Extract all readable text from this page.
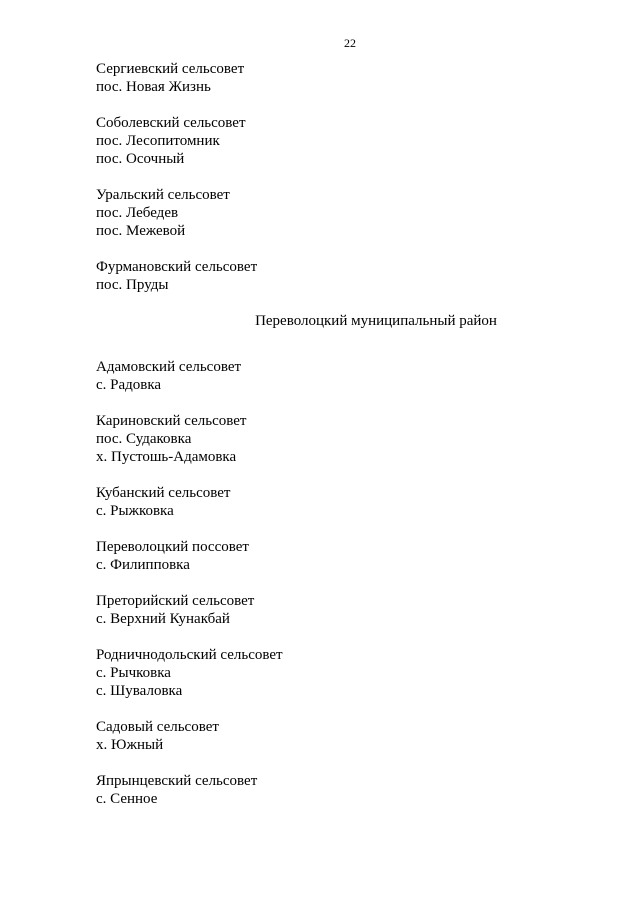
22
Сергиевский сельсовет
пос. Новая Жизнь
Соболевский сельсовет
пос. Лесопитомник
пос. Осочный
Уральский сельсовет
пос. Лебедев
пос. Межевой
Фурмановский сельсовет
пос. Пруды
Переволоцкий муниципальный район
Адамовский сельсовет
с. Радовка
Кариновский сельсовет
пос. Судаковка
х. Пустошь-Адамовка
Кубанский сельсовет
с. Рыжковка
Переволоцкий поссовет
с. Филипповка
Преторийский сельсовет
с. Верхний Кунакбай
Родничнодольский сельсовет
с. Рычковка
с. Шуваловка
Садовый сельсовет
х. Южный
Япрынцевский сельсовет
с. Сенное
